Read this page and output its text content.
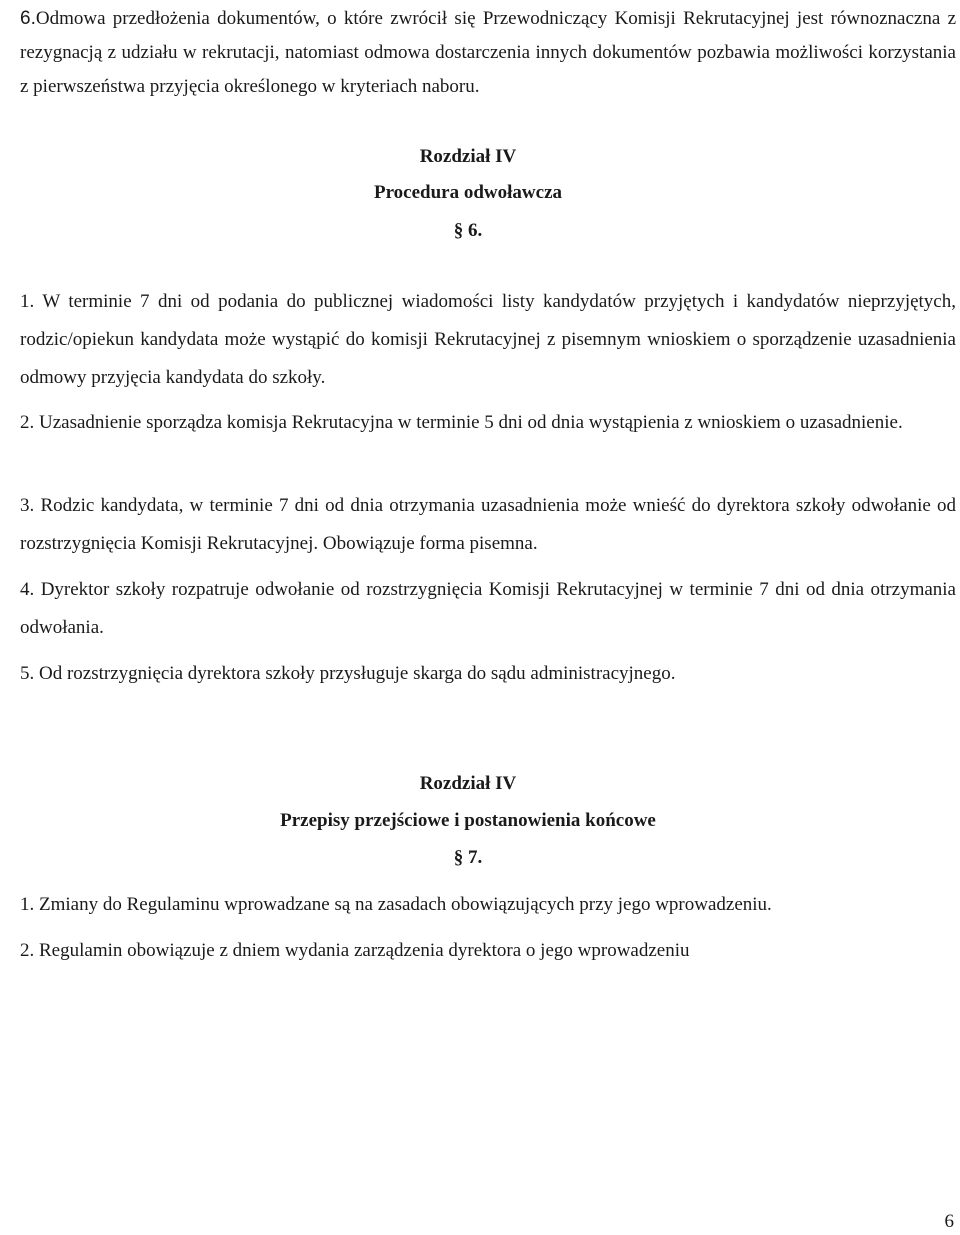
6.Odmowa przedłożenia dokumentów, o które zwrócił się Przewodniczący Komisji Rekrutacyjnej jest równoznaczna z rezygnacją z udziału w rekrutacji, natomiast odmowa dostarczenia innych dokumentów pozbawia możliwości korzystania z pierwszeństwa przyjęcia określonego w kryteriach naboru.
Rozdział IV
Procedura odwoławcza
§ 6.
1. W terminie 7 dni od podania do publicznej wiadomości listy kandydatów przyjętych i kandydatów nieprzyjętych, rodzic/opiekun kandydata może wystąpić do komisji Rekrutacyjnej z pisemnym wnioskiem o sporządzenie uzasadnienia odmowy przyjęcia kandydata do szkoły.
2. Uzasadnienie sporządza komisja Rekrutacyjna w terminie 5 dni od dnia wystąpienia z wnioskiem o uzasadnienie.
3. Rodzic kandydata, w terminie 7 dni od dnia otrzymania uzasadnienia może wnieść do dyrektora szkoły odwołanie od rozstrzygnięcia Komisji Rekrutacyjnej. Obowiązuje forma pisemna.
4. Dyrektor szkoły rozpatruje odwołanie od rozstrzygnięcia Komisji Rekrutacyjnej w terminie 7 dni od dnia otrzymania odwołania.
5. Od rozstrzygnięcia dyrektora szkoły przysługuje skarga do sądu administracyjnego.
Rozdział IV
Przepisy przejściowe i postanowienia końcowe
§ 7.
1. Zmiany do Regulaminu wprowadzane są na zasadach obowiązujących przy jego wprowadzeniu.
2. Regulamin obowiązuje z dniem wydania zarządzenia dyrektora o jego wprowadzeniu
6
